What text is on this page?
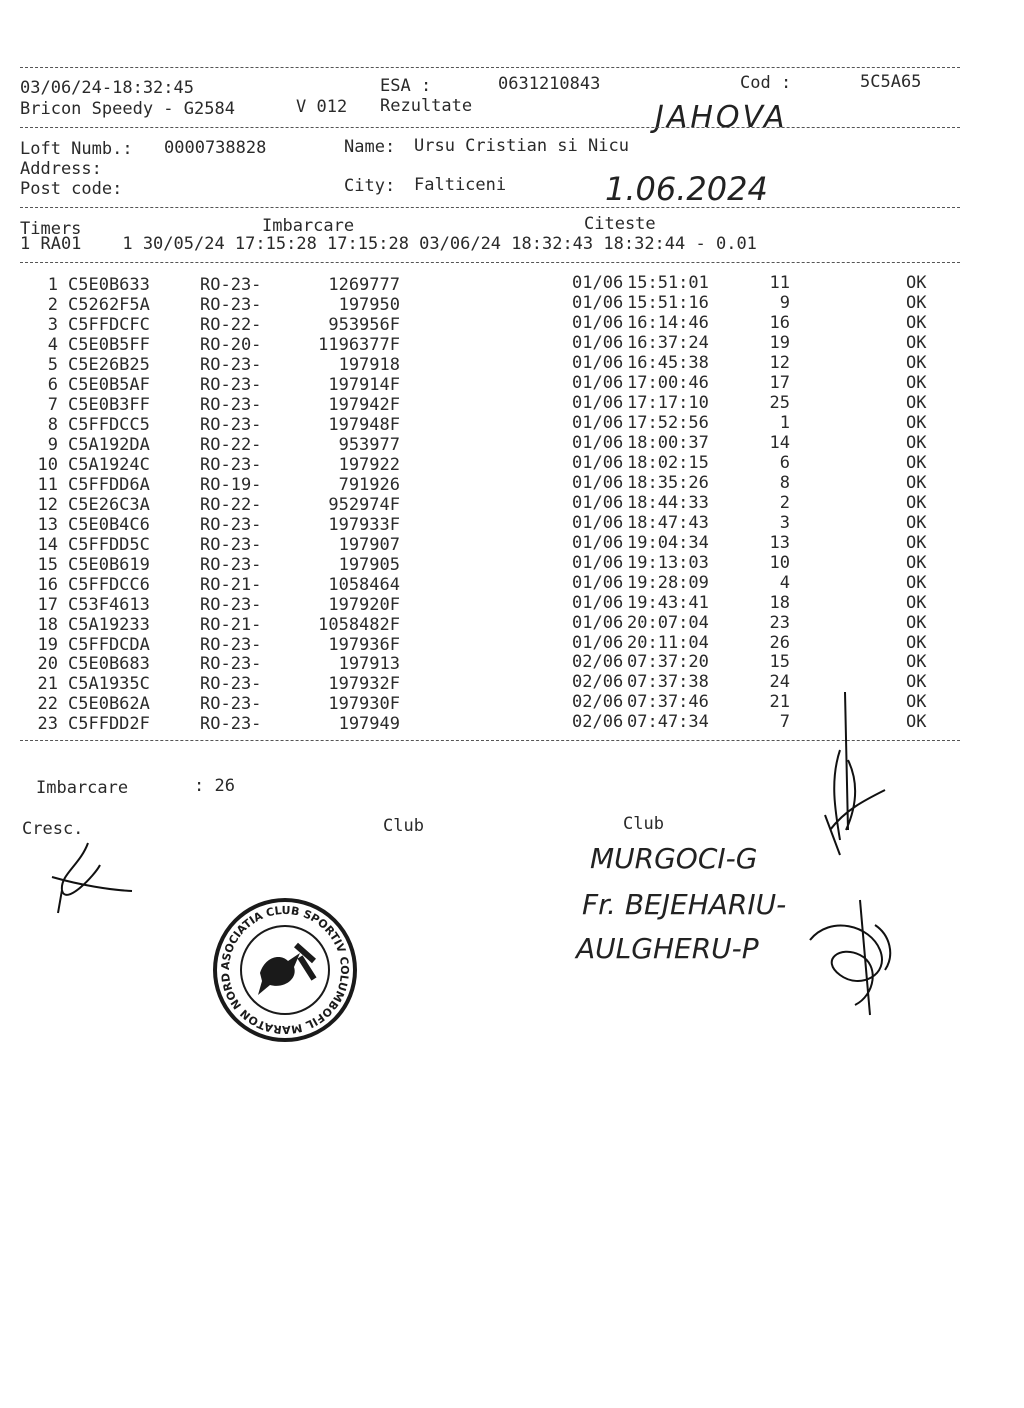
03/06/24-18:32:45	ESA :	0631210843	Cod :	5C5A65
Bricon Speedy - G2584	V 012 Rezultate	JAHOVA
Loft Numb.: 0000738828	Name: Ursu Cristian si Nicu
Address:
Post code:	City: Falticeni	1.06.2024
Timers	Imbarcare	Citeste
1 RA01    1 30/05/24 17:15:28 17:15:28 03/06/24 18:32:43 18:32:44 - 0.01
1 C5E0B633	RO-23-	1269777	01/06 15:51:01	11	OK
2 C5262F5A	RO-23-	197950	01/06 15:51:16	9	OK
3 C5FFDCFC	RO-22-	953956F	01/06 16:14:46	16	OK
4 C5E0B5FF	RO-20-	1196377F	01/06 16:37:24	19	OK
5 C5E26B25	RO-23-	197918	01/06 16:45:38	12	OK
6 C5E0B5AF	RO-23-	197914F	01/06 17:00:46	17	OK
7 C5E0B3FF	RO-23-	197942F	01/06 17:17:10	25	OK
8 C5FFDCC5	RO-23-	197948F	01/06 17:52:56	1	OK
9 C5A192DA	RO-22-	953977	01/06 18:00:37	14	OK
10 C5A1924C	RO-23-	197922	01/06 18:02:15	6	OK
11 C5FFDD6A	RO-19-	791926	01/06 18:35:26	8	OK
12 C5E26C3A	RO-22-	952974F	01/06 18:44:33	2	OK
13 C5E0B4C6	RO-23-	197933F	01/06 18:47:43	3	OK
14 C5FFDD5C	RO-23-	197907	01/06 19:04:34	13	OK
15 C5E0B619	RO-23-	197905	01/06 19:13:03	10	OK
16 C5FFDCC6	RO-21-	1058464	01/06 19:28:09	4	OK
17 C53F4613	RO-23-	197920F	01/06 19:43:41	18	OK
18 C5A19233	RO-21-	1058482F	01/06 20:07:04	23	OK
19 C5FFDCDA	RO-23-	197936F	01/06 20:11:04	26	OK
20 C5E0B683	RO-23-	197913	02/06 07:37:20	15	OK
21 C5A1935C	RO-23-	197932F	02/06 07:37:38	24	OK
22 C5E0B62A	RO-23-	197930F	02/06 07:37:46	21	OK
23 C5FFDD2F	RO-23-	197949	02/06 07:47:34	7	OK
Imbarcare	: 26
Cresc.	Club	Club
MURGOCI-G
Fr. BEJEHARIU-
AULGHERU-P
ASOCIATIA CLUB SPORTIV COLUMBOFIL MARATON NORD FALTICENI
